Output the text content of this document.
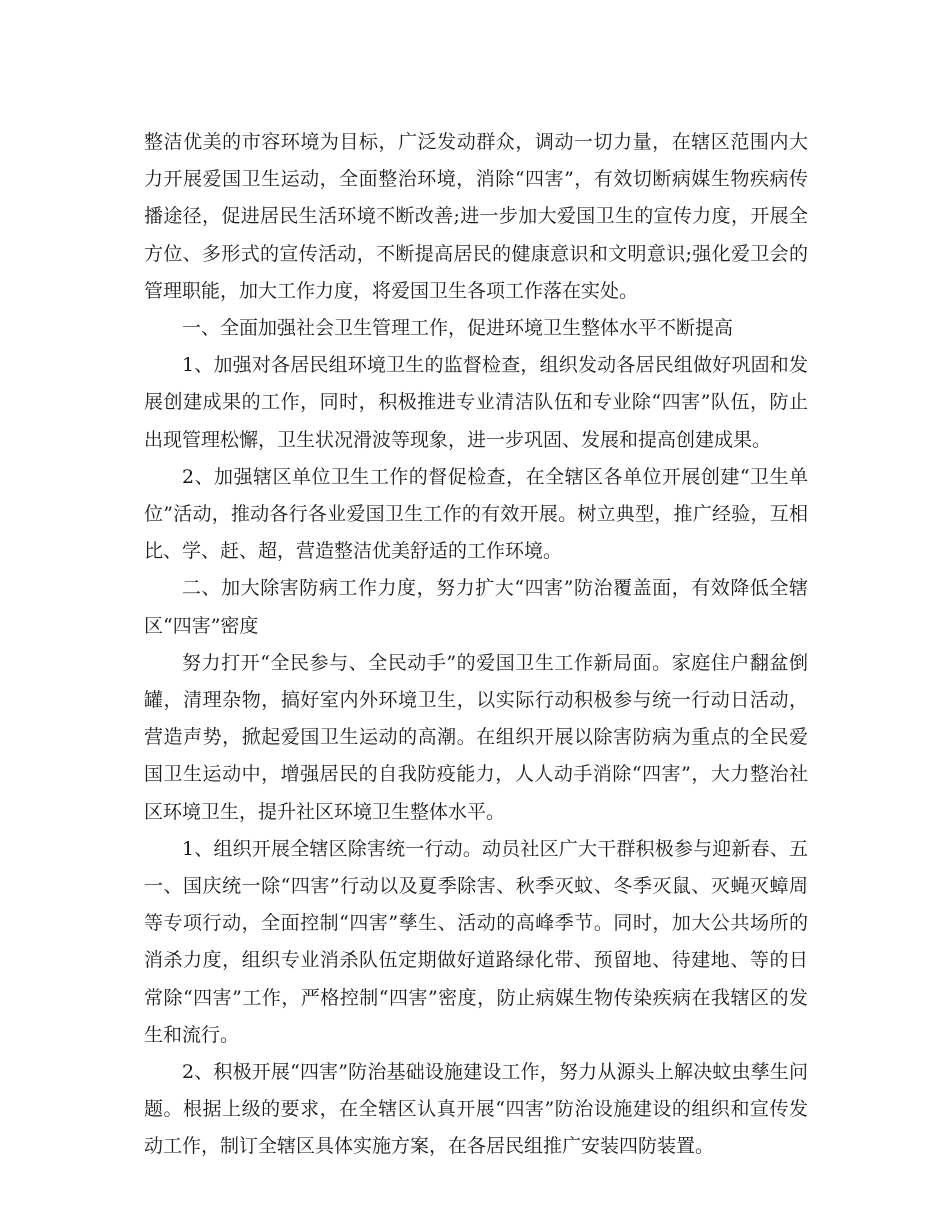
整洁优美的市容环境为目标，广泛发动群众，调动一切力量，在辖区范围内大力开展爱国卫生运动，全面整治环境，消除“四害”，有效切断病媒生物疾病传播途径，促进居民生活环境不断改善;进一步加大爱国卫生的宣传力度，开展全方位、多形式的宣传活动，不断提高居民的健康意识和文明意识;强化爱卫会的管理职能，加大工作力度，将爱国卫生各项工作落在实处。

一、全面加强社会卫生管理工作，促进环境卫生整体水平不断提高

1、加强对各居民组环境卫生的监督检查，组织发动各居民组做好巩固和发展创建成果的工作，同时，积极推进专业清洁队伍和专业除“四害”队伍，防止出现管理松懈，卫生状况滑波等现象，进一步巩固、发展和提高创建成果。

2、加强辖区单位卫生工作的督促检查，在全辖区各单位开展创建“卫生单位”活动，推动各行各业爱国卫生工作的有效开展。树立典型，推广经验，互相比、学、赶、超，营造整洁优美舒适的工作环境。

二、加大除害防病工作力度，努力扩大“四害”防治覆盖面，有效降低全辖区“四害”密度

努力打开“全民参与、全民动手”的爱国卫生工作新局面。家庭住户翻盆倒罐，清理杂物，搞好室内外环境卫生，以实际行动积极参与统一行动日活动，营造声势，掀起爱国卫生运动的高潮。在组织开展以除害防病为重点的全民爱国卫生运动中，增强居民的自我防疫能力，人人动手消除“四害”，大力整治社区环境卫生，提升社区环境卫生整体水平。

1、组织开展全辖区除害统一行动。动员社区广大干群积极参与迎新春、五一、国庆统一除“四害”行动以及夏季除害、秋季灭蚊、冬季灭鼠、灭蝇灭蟑周等专项行动，全面控制“四害”孳生、活动的高峰季节。同时，加大公共场所的消杀力度，组织专业消杀队伍定期做好道路绿化带、预留地、待建地、等的日常除“四害”工作，严格控制“四害”密度，防止病媒生物传染疾病在我辖区的发生和流行。

2、积极开展“四害”防治基础设施建设工作，努力从源头上解决蚊虫孳生问题。根据上级的要求，在全辖区认真开展“四害”防治设施建设的组织和宣传发动工作，制订全辖区具体实施方案，在各居民组推广安装四防装置。
